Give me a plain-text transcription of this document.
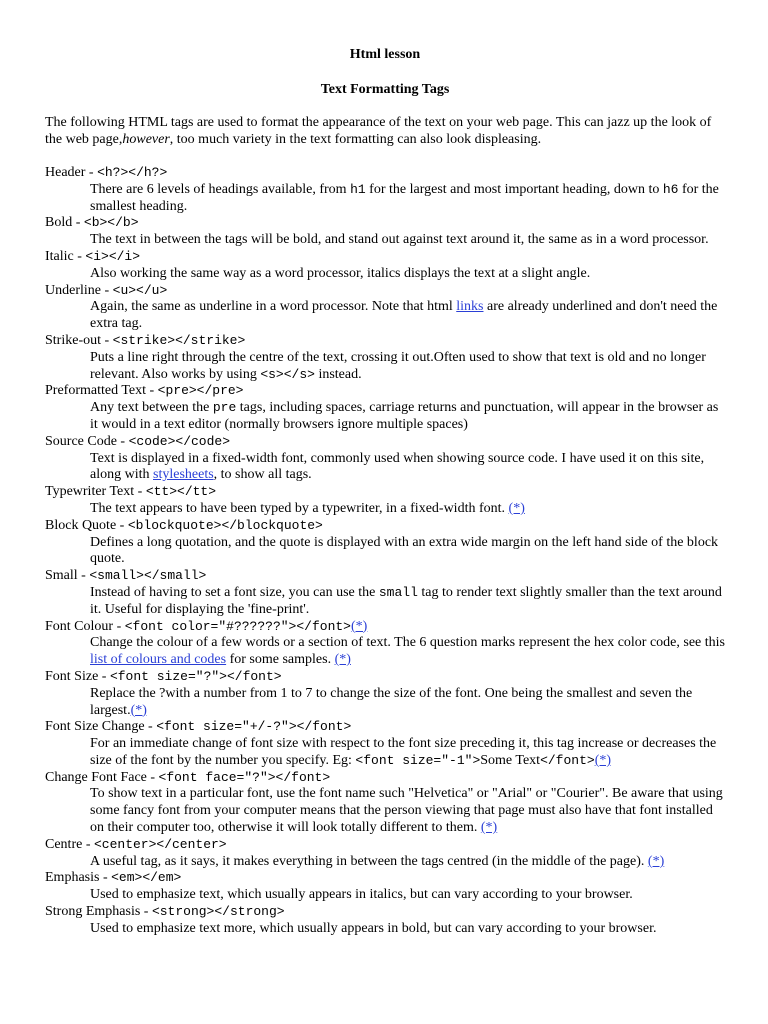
Html lesson

Text Formatting Tags

The following HTML tags are used to format the appearance of the text on your web page. This can jazz up the look of the web page,however, too much variety in the text formatting can also look displeasing.

Header - <h?></h?>
There are 6 levels of headings available, from h1 for the largest and most important heading, down to h6 for the smallest heading.
Bold - <b></b>
The text in between the tags will be bold, and stand out against text around it, the same as in a word processor.
Italic - <i></i>
Also working the same way as a word processor, italics displays the text at a slight angle.
Underline - <u></u>
Again, the same as underline in a word processor. Note that html links are already underlined and don't need the extra tag.
Strike-out - <strike></strike>
Puts a line right through the centre of the text, crossing it out.Often used to show that text is old and no longer relevant. Also works by using <s></s> instead.
Preformatted Text - <pre></pre>
Any text between the pre tags, including spaces, carriage returns and punctuation, will appear in the browser as it would in a text editor (normally browsers ignore multiple spaces)
Source Code - <code></code>
Text is displayed in a fixed-width font, commonly used when showing source code. I have used it on this site, along with stylesheets, to show all tags.
Typewriter Text - <tt></tt>
The text appears to have been typed by a typewriter, in a fixed-width font. (*)
Block Quote - <blockquote></blockquote>
Defines a long quotation, and the quote is displayed with an extra wide margin on the left hand side of the block quote.
Small - <small></small>
Instead of having to set a font size, you can use the small tag to render text slightly smaller than the text around it. Useful for displaying the 'fine-print'.
Font Colour - <font color="#??????"></font>(*)
Change the colour of a few words or a section of text. The 6 question marks represent the hex color code, see this list of colours and codes for some samples. (*)
Font Size - <font size="?"></font>
Replace the ?with a number from 1 to 7 to change the size of the font. One being the smallest and seven the largest.(*)
Font Size Change - <font size="+/-?"></font>
For an immediate change of font size with respect to the font size preceding it, this tag increase or decreases the size of the font by the number you specify. Eg: <font size="-1">Some Text</font>(*)
Change Font Face - <font face="?"></font>
To show text in a particular font, use the font name such "Helvetica" or "Arial" or "Courier". Be aware that using some fancy font from your computer means that the person viewing that page must also have that font installed on their computer too, otherwise it will look totally different to them. (*)
Centre - <center></center>
A useful tag, as it says, it makes everything in between the tags centred (in the middle of the page). (*)
Emphasis - <em></em>
Used to emphasize text, which usually appears in italics, but can vary according to your browser.
Strong Emphasis - <strong></strong>
Used to emphasize text more, which usually appears in bold, but can vary according to your browser.
